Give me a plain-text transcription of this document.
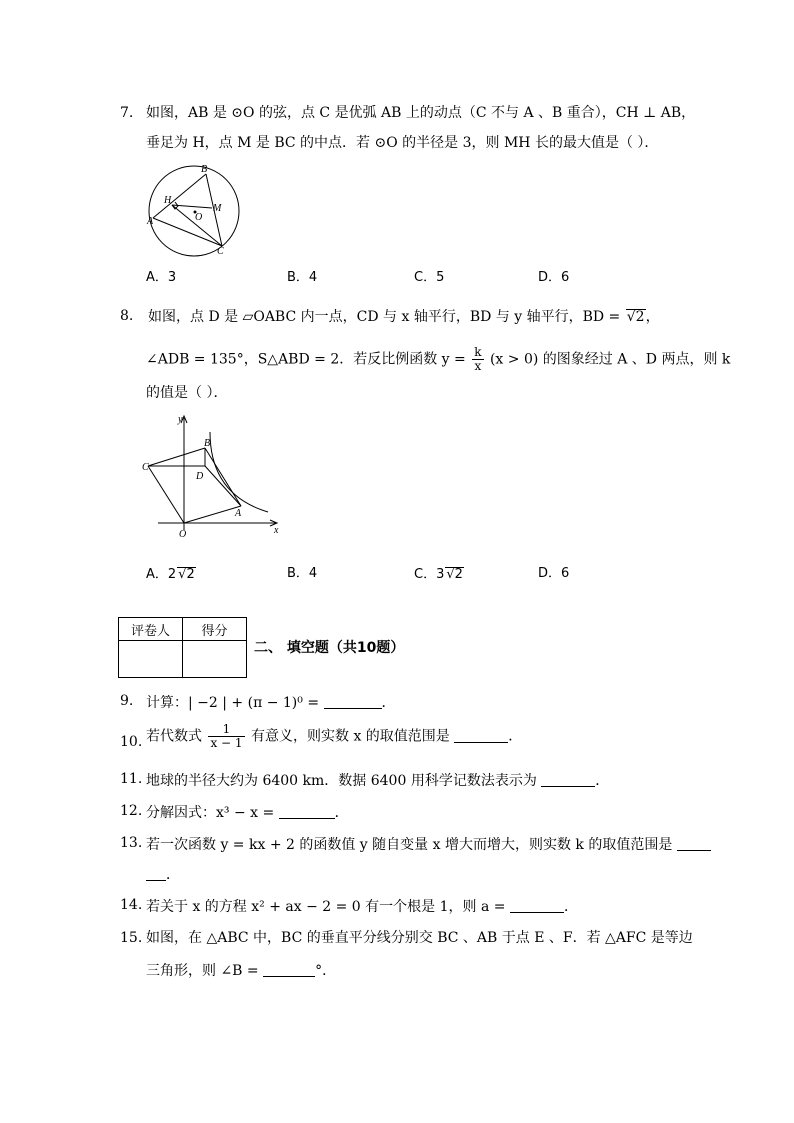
7. 如图，AB 是 ⊙O 的弦，点 C 是优弧 AB 上的动点（C 不与 A 、B 重合），CH ⊥ AB，
垂足为 H，点 M 是 BC 的中点．若 ⊙O 的半径是 3，则 MH 长的最大值是（ ）．
A
B
C
H
M
O
A．3	B．4	C．5	D．6
8. 如图，点 D 是 ▱OABC 内一点，CD 与 x 轴平行，BD 与 y 轴平行，BD = √2，
∠ADB = 135°，S△ABD = 2．若反比例函数 $y = \frac{k}{x} (x > 0)$ 的图象经过 A 、D 两点，则 k
的值是（ ）．
y
x
O
A
B
C
D
A．2 √2	B．4	C．3 √2	D．6
评卷人	得分

二、 填空题（共10题）
9. 计算：| −2 | + (π − 1)⁰ =	．
10. 若代数式 $\frac{1}{x - 1}$ 有意义，则实数 x 的取值范围是	．
11. 地球的半径大约为 6400 km．数据 6400 用科学记数法表示为	．
12. 分解因式：x³ − x =	．
13. 若一次函数 y = kx + 2 的函数值 y 随自变量 x 增大而增大，则实数 k 的取值范围是
．
14. 若关于 x 的方程 x² + ax − 2 = 0 有一个根是 1，则 a =	．
15. 如图，在 △ABC 中，BC 的垂直平分线分别交 BC 、AB 于点 E 、F．若 △AFC 是等边
三角形，则 ∠B =	°．
